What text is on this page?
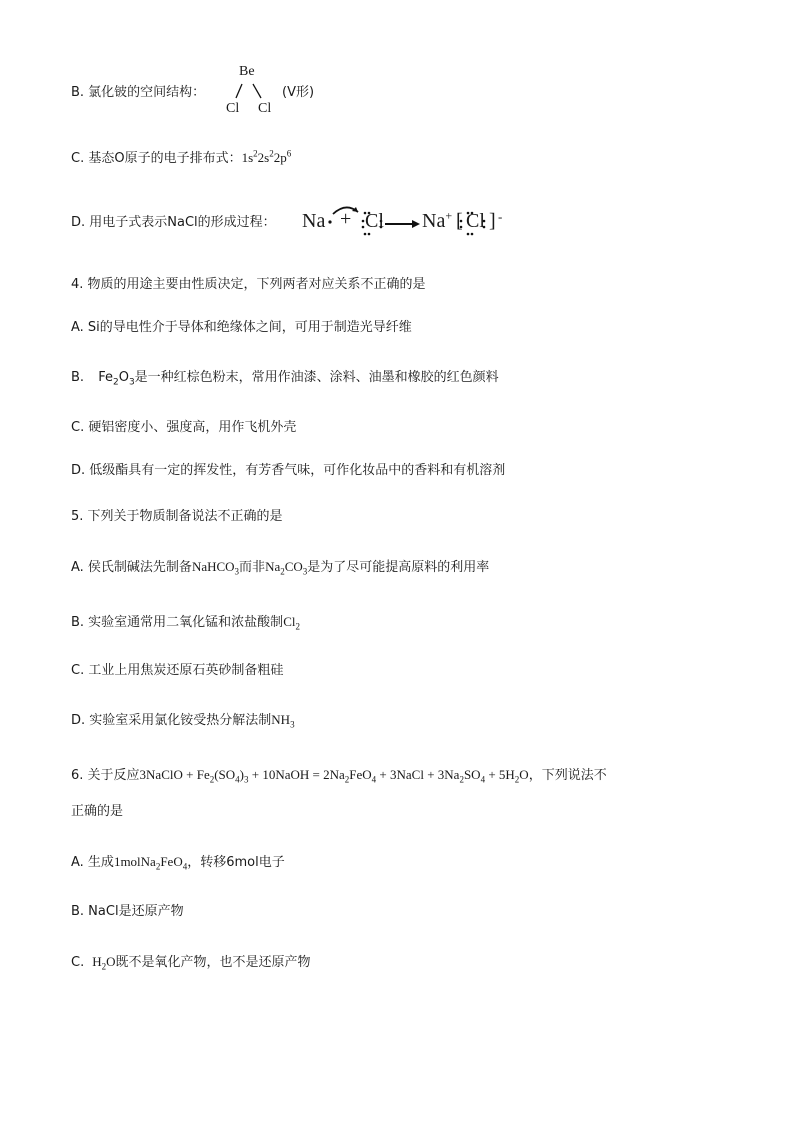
B. 氯化铍的空间结构：
Be
Cl Cl
(V形)
C. 基态O原子的电子排布式：$1s^22s^22p^6$
D. 用电子式表示NaCl的形成过程： Na + Cl Na+ [ Cl ] -
4. 物质的用途主要由性质决定，下列两者对应关系不正确的是
A. Si的导电性介于导体和绝缘体之间，可用于制造光导纤维
B. $Fe_2O_3$是一种红棕色粉末，常用作油漆、涂料、油墨和橡胶的红色颜料
C. 硬铝密度小、强度高，用作飞机外壳
D. 低级酯具有一定的挥发性，有芳香气味，可作化妆品中的香料和有机溶剂
5. 下列关于物质制备说法不正确的是
A. 侯氏制碱法先制备NaHCO$_3$而非$Na_2CO_3$是为了尽可能提高原料的利用率
B. 实验室通常用二氧化锰和浓盐酸制$Cl_2$
C. 工业上用焦炭还原石英砂制备粗硅
D. 实验室采用氯化铵受热分解法制$NH_3$
6. 关于反应3NaClO + $Fe_2(SO_4)_3$ + 10NaOH = $2Na_2FeO_4$ + 3NaCl + $3Na_2SO_4 + 5H_2O$，下列说法不
正确的是
A. 生成1molNa$_2$FeO$_4$，转移6mol电子
B. NaCl是还原产物
C. $H_2O$既不是氧化产物，也不是还原产物
